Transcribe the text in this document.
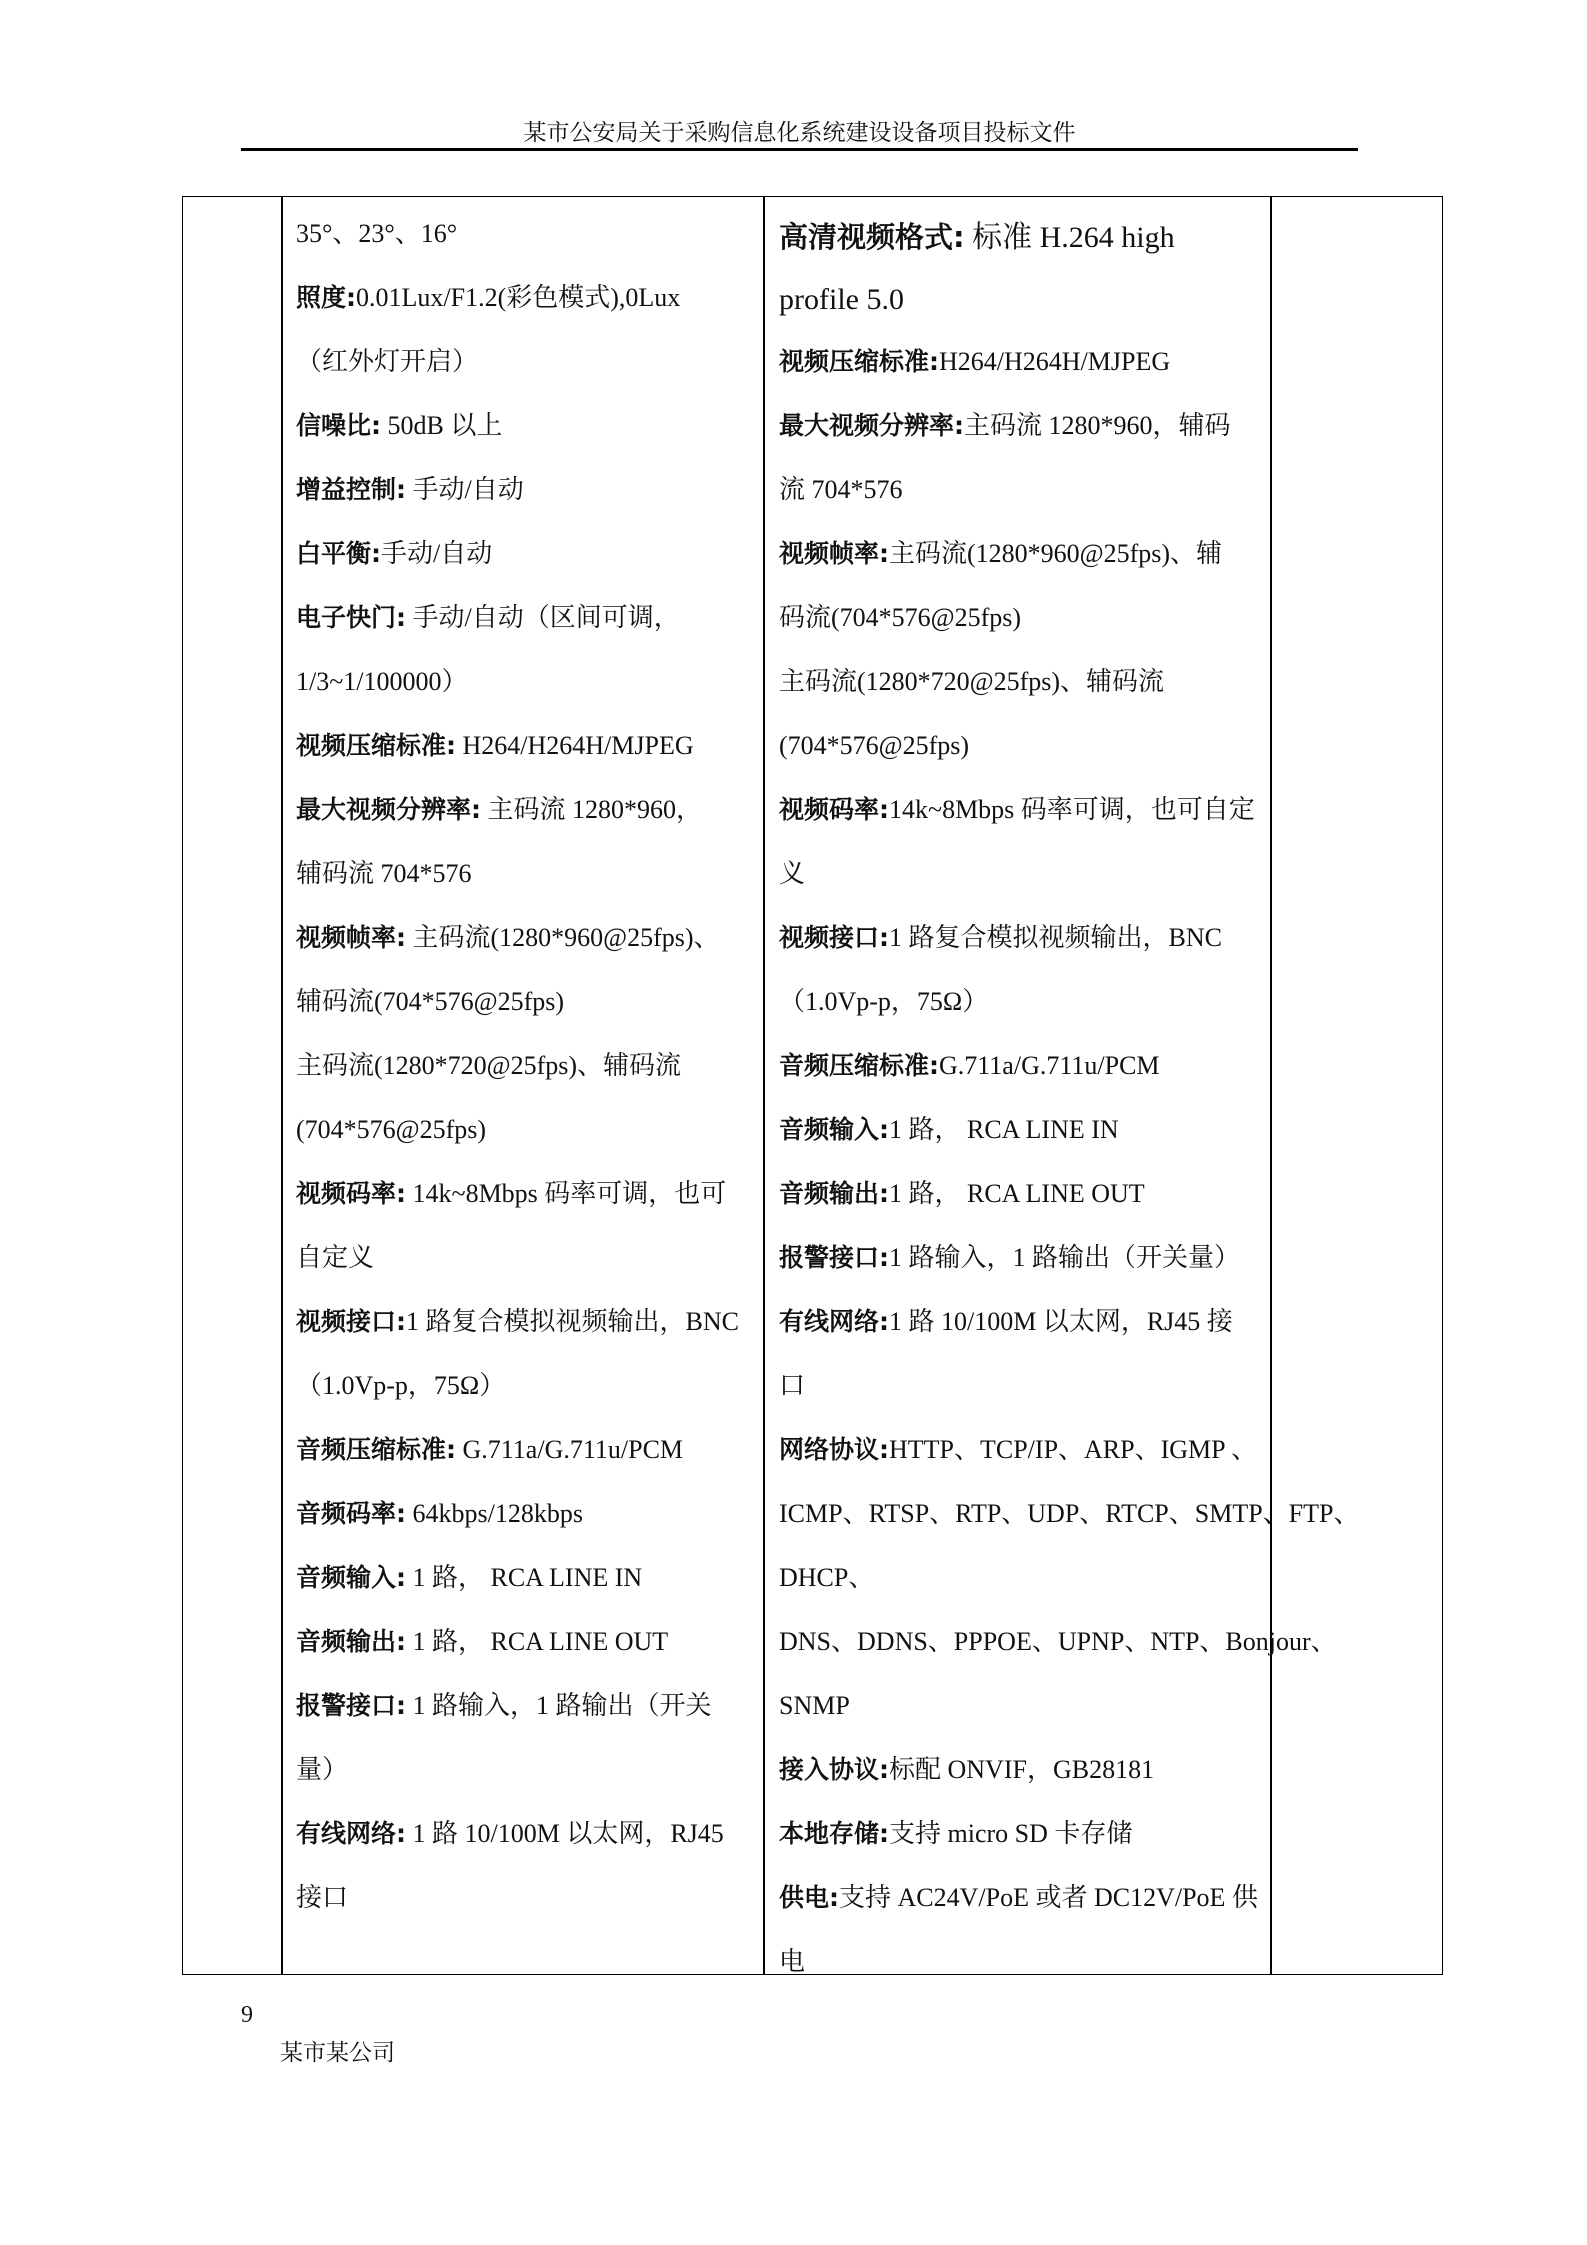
某市公安局关于采购信息化系统建设设备项目投标文件
35°、23°、16°
照度:0.01Lux/F1.2(彩色模式),0Lux
（红外灯开启）
信噪比: 50dB 以上
增益控制: 手动/自动
白平衡:手动/自动
电子快门: 手动/自动（区间可调，
1/3~1/100000）
视频压缩标准: H264/H264H/MJPEG
最大视频分辨率: 主码流 1280*960，
辅码流 704*576
视频帧率: 主码流(1280*960@25fps)、
辅码流(704*576@25fps)
主码流(1280*720@25fps)、辅码流
(704*576@25fps)
视频码率: 14k~8Mbps 码率可调，也可
自定义
视频接口:1 路复合模拟视频输出，BNC
（1.0Vp-p，75Ω）
音频压缩标准: G.711a/G.711u/PCM
音频码率: 64kbps/128kbps
音频输入: 1 路， RCA LINE IN
音频输出: 1 路， RCA LINE OUT
报警接口: 1 路输入，1 路输出（开关
量）
有线网络: 1 路 10/100M 以太网，RJ45
接口
高清视频格式: 标准 H.264 high
profile 5.0
视频压缩标准:H264/H264H/MJPEG
最大视频分辨率:主码流 1280*960，辅码
流 704*576
视频帧率:主码流(1280*960@25fps)、辅
码流(704*576@25fps)
主码流(1280*720@25fps)、辅码流
(704*576@25fps)
视频码率:14k~8Mbps 码率可调，也可自定
义
视频接口:1 路复合模拟视频输出，BNC
（1.0Vp-p，75Ω）
音频压缩标准:G.711a/G.711u/PCM
音频输入:1 路， RCA LINE IN
音频输出:1 路， RCA LINE OUT
报警接口:1 路输入，1 路输出（开关量）
有线网络:1 路 10/100M 以太网，RJ45 接
口
网络协议:HTTP、TCP/IP、ARP、IGMP 、
ICMP、RTSP、RTP、UDP、RTCP、SMTP、FTP、
DHCP、
DNS、DDNS、PPPOE、UPNP、NTP、Bonjour、
SNMP
接入协议:标配 ONVIF，GB28181
本地存储:支持 micro SD 卡存储
供电:支持 AC24V/PoE 或者 DC12V/PoE 供
电
9
某市某公司
